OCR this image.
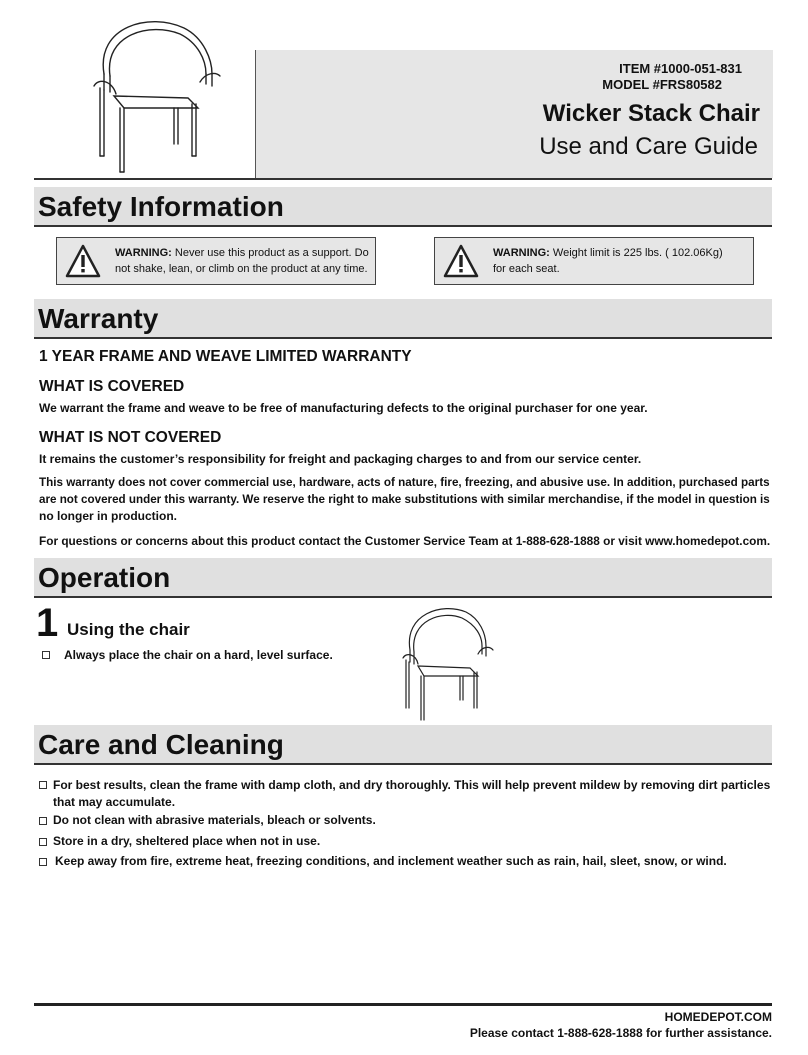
ITEM #1000-051-831
MODEL #FRS80582
Wicker Stack Chair
Use and Care Guide
Safety Information
WARNING: Never use this product as a support. Do
not shake, lean, or climb on the product at any time.
WARNING: Weight limit is 225 lbs. ( 102.06Kg)
for each seat.
Warranty
1 YEAR FRAME AND WEAVE LIMITED WARRANTY
WHAT IS COVERED
We warrant the frame and weave to be free of manufacturing defects to the original purchaser for one year.
WHAT IS NOT COVERED
It remains the customer’s responsibility for freight and packaging charges to and from our service center.
This warranty does not cover commercial use, hardware, acts of nature, fire, freezing, and abusive use. In addition, purchased parts
are not covered under this warranty. We reserve the right to make substitutions with similar merchandise, if the model in question is
no longer in production.
For questions or concerns about this product contact the Customer Service Team at 1-888-628-1888 or visit www.homedepot.com.
Operation
1 Using the chair
Always place the chair on a hard, level surface.
Care and Cleaning
For best results, clean the frame with damp cloth, and dry thoroughly. This will help prevent mildew by removing dirt particles
that may accumulate.
Do not clean with abrasive materials, bleach or solvents.
Store in a dry, sheltered place when not in use.
Keep away from fire, extreme heat, freezing conditions, and inclement weather such as rain, hail, sleet, snow, or wind.
HOMEDEPOT.COM
Please contact 1-888-628-1888 for further assistance.
